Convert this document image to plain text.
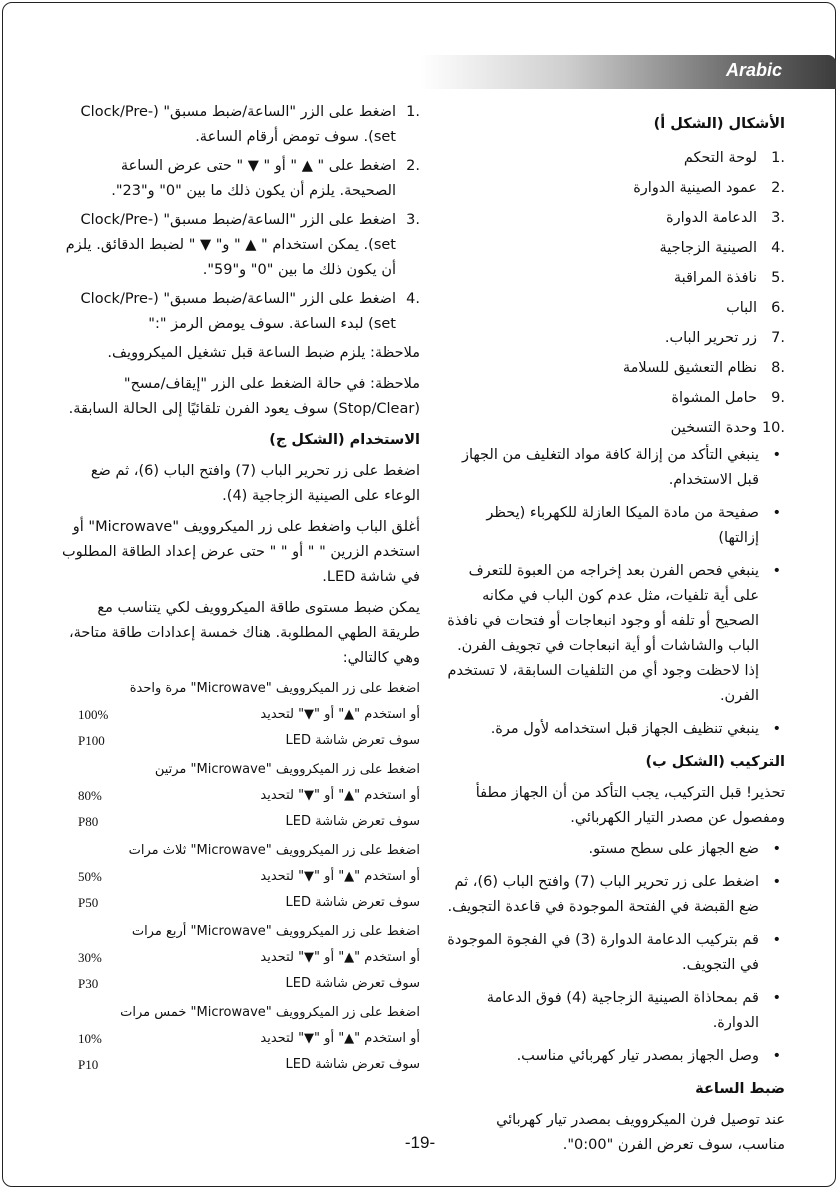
Arabic
.1
اضغط على الزر "الساعة/ضبط مسبق" (Clock/Pre-set). سوف تومض أرقام الساعة.
.2
اضغط على " ▲ " أو " ▼ " حتى عرض الساعة الصحيحة. يلزم أن يكون ذلك ما بين "0" و"23".
.3
اضغط على الزر "الساعة/ضبط مسبق" (Clock/Pre-set). يمكن استخدام " ▲ " و" ▼ " لضبط الدقائق. يلزم أن يكون ذلك ما بين "0" و"59".
.4
اضغط على الزر "الساعة/ضبط مسبق" (Clock/Pre-set) لبدء الساعة. سوف يومض الرمز ":"
ملاحظة: يلزم ضبط الساعة قبل تشغيل الميكروويف.
ملاحظة: في حالة الضغط على الزر "إيقاف/مسح" (Stop/Clear) سوف يعود الفرن تلقائيًا إلى الحالة السابقة.
الاستخدام (الشكل ج)
اضغط على زر تحرير الباب (7) وافتح الباب (6)، ثم ضع الوعاء على الصينية الزجاجية (4).
أغلق الباب واضغط على زر الميكروويف "Microwave" أو استخدم الزرين " " أو " " حتى عرض إعداد الطاقة المطلوب في شاشة LED.
يمكن ضبط مستوى طاقة الميكروويف لكي يتناسب مع طريقة الطهي المطلوبة. هناك خمسة إعدادات طاقة متاحة، وهي كالتالي:
اضغط على زر الميكروويف "Microwave" مرة واحدة
أو استخدم "▲" أو "▼" لتحديد
100%
سوف تعرض شاشة LED
P100
اضغط على زر الميكروويف "Microwave" مرتين
أو استخدم "▲" أو "▼" لتحديد
80%
سوف تعرض شاشة LED
P80
اضغط على زر الميكروويف "Microwave" ثلاث مرات
أو استخدم "▲" أو "▼" لتحديد
50%
سوف تعرض شاشة LED
P50
اضغط على زر الميكروويف "Microwave" أربع مرات
أو استخدم "▲" أو "▼" لتحديد
30%
سوف تعرض شاشة LED
P30
اضغط على زر الميكروويف "Microwave" خمس مرات
أو استخدم "▲" أو "▼" لتحديد
10%
سوف تعرض شاشة LED
P10
الأشكال (الشكل أ)
.1
لوحة التحكم
.2
عمود الصينية الدوارة
.3
الدعامة الدوارة
.4
الصينية الزجاجية
.5
نافذة المراقبة
.6
الباب
.7
زر تحرير الباب.
.8
نظام التعشيق للسلامة
.9
حامل المشواة
.10
وحدة التسخين
•
ينبغي التأكد من إزالة كافة مواد التغليف من الجهاز قبل الاستخدام.
•
صفيحة من مادة الميكا العازلة للكهرباء (يحظر إزالتها)
•
ينبغي فحص الفرن بعد إخراجه من العبوة للتعرف على أية تلفيات، مثل عدم كون الباب في مكانه الصحيح أو تلفه أو وجود انبعاجات أو فتحات في نافذة الباب والشاشات أو أية انبعاجات في تجويف الفرن. إذا لاحظت وجود أي من التلفيات السابقة، لا تستخدم الفرن.
•
ينبغي تنظيف الجهاز قبل استخدامه لأول مرة.
التركيب (الشكل ب)
تحذير! قبل التركيب، يجب التأكد من أن الجهاز مطفأ ومفصول عن مصدر التيار الكهربائي.
•
ضع الجهاز على سطح مستو.
•
اضغط على زر تحرير الباب (7) وافتح الباب (6)، ثم ضع القبضة في الفتحة الموجودة في قاعدة التجويف.
•
قم بتركيب الدعامة الدوارة (3) في الفجوة الموجودة في التجويف.
•
قم بمحاذاة الصينية الزجاجية (4) فوق الدعامة الدوارة.
•
وصل الجهاز بمصدر تيار كهربائي مناسب.
ضبط الساعة
عند توصيل فرن الميكروويف بمصدر تيار كهربائي مناسب، سوف تعرض الفرن "0:00".
-19-
